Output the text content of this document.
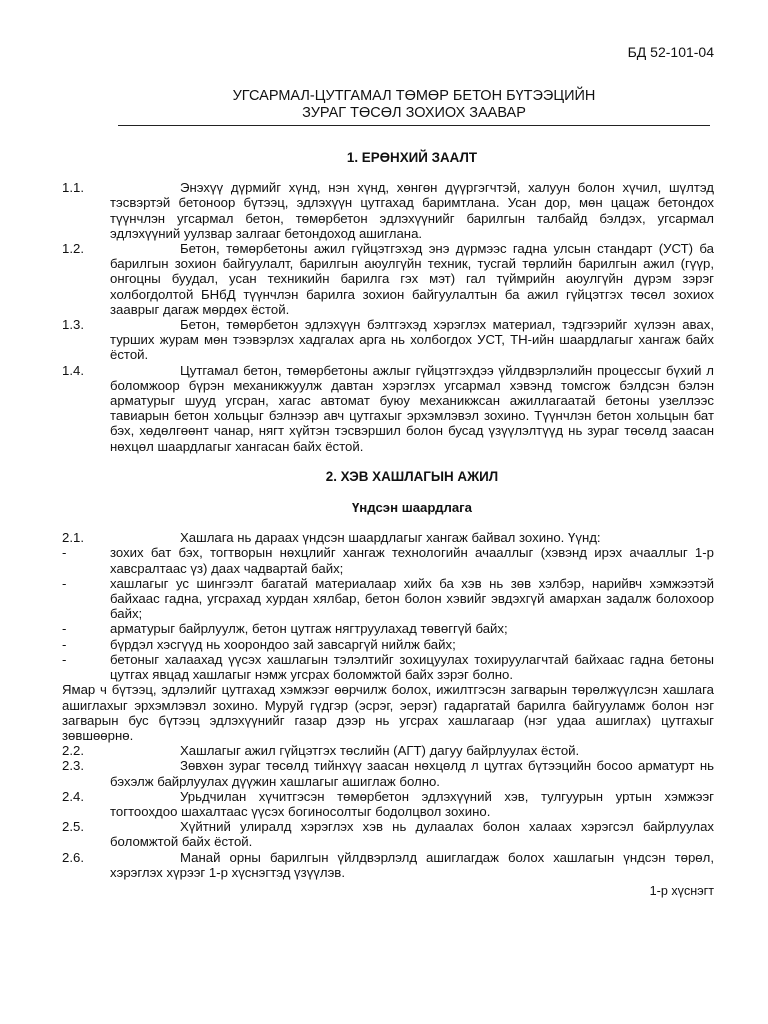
БД 52-101-04
УГСАРМАЛ-ЦУТГАМАЛ ТӨМӨР БЕТОН БҮТЭЭЦИЙН
ЗУРАГ ТӨСӨЛ ЗОХИОХ ЗААВАР
1. ЕРӨНХИЙ ЗААЛТ
1.1.	Энэхүү дүрмийг хүнд, нэн хүнд, хөнгөн дүүргэгчтэй, халуун болон хүчил, шүлтэд тэсвэртэй бетоноор бүтээц, эдлэхүүн цутгахад баримтлана. Усан дор, мөн цацаж бетондох түүнчлэн угсармал бетон, төмөрбетон эдлэхүүнийг барилгын талбайд бэлдэх, угсармал эдлэхүүний уулзвар залгааг бетондоход ашиглана.
1.2.	Бетон, төмөрбетоны ажил гүйцэтгэхэд энэ дүрмээс гадна улсын стандарт (УСТ) ба барилгын зохион байгуулалт, барилгын аюулгүйн техник, тусгай төрлийн барилгын ажил (гүүр, онгоцны буудал, усан техникийн барилга гэх мэт) гал түймрийн аюулгүйн дүрэм зэрэг холбогдолтой БНбД түүнчлэн барилга зохион байгуулалтын ба ажил гүйцэтгэх төсөл зохиох зааврыг дагаж мөрдөх ёстой.
1.3.	Бетон, төмөрбетон эдлэхүүн бэлтгэхэд хэрэглэх материал, тэдгээрийг хүлээн авах, турших журам мөн тээвэрлэх хадгалах арга нь холбогдох УСТ, ТН-ийн шаардлагыг хангаж байх ёстой.
1.4.	Цутгамал бетон, төмөрбетоны ажлыг гүйцэтгэхдээ үйлдвэрлэлийн процессыг бүхий л боломжоор бүрэн механикжуулж давтан хэрэглэх угсармал хэвэнд томсгож бэлдсэн бэлэн арматурыг шууд угсран, хагас автомат буюу механикжсан ажиллагаатай бетоны узеллээс тавиарын бетон хольцыг бэлнээр авч цутгахыг эрхэмлэвэл зохино. Түүнчлэн бетон хольцын бат бэх, хөдөлгөөнт чанар, нягт хүйтэн тэсвэршил болон бусад үзүүлэлтүүд нь зураг төсөлд заасан нөхцөл шаардлагыг хангасан байх ёстой.
2. ХЭВ ХАШЛАГЫН АЖИЛ
Үндсэн шаардлага
2.1.	Хашлага нь дараах үндсэн шаардлагыг хангаж байвал зохино. Үүнд:
-	зохих бат бэх, тогтворын нөхцлийг хангаж технологийн ачааллыг (хэвэнд ирэх ачааллыг 1-р хавсралтаас үз) даах чадвартай байх;
-	хашлагыг ус шингээлт багатай материалаар хийх ба хэв нь зөв хэлбэр, нарийвч хэмжээтэй байхаас гадна, угсрахад хурдан хялбар, бетон болон хэвийг эвдэхгүй амархан задалж болохоор байх;
-	арматурыг байрлуулж, бетон цутгаж нягтруулахад төвөггүй байх;
-	бүрдэл хэсгүүд нь хоорондоо зай завсаргүй нийлж байх;
-	бетоныг халаахад үүсэх хашлагын тэлэлтийг зохицуулах тохируулагчтай байхаас гадна бетоны цутгах явцад хашлагыг нэмж угсрах боломжтой байх зэрэг болно.
Ямар ч бүтээц, эдлэлийг цутгахад хэмжээг өөрчилж болох, ижилтгэсэн загварын төрөлжүүлсэн хашлага ашиглахыг эрхэмлэвэл зохино. Муруй гүдгэр (эсрэг, эерэг) гадаргатай барилга байгууламж болон нэг загварын бус бүтээц эдлэхүүнийг газар дээр нь угсрах хашлагаар (нэг удаа ашиглах) цутгахыг зөвшөөрнө.
2.2.	Хашлагыг ажил гүйцэтгэх төслийн (АГТ) дагуу байрлуулах ёстой.
2.3.	Зөвхөн зураг төсөлд тийнхүү заасан нөхцөлд л цутгах бүтээцийн босоо арматурт нь бэхэлж байрлуулах дүүжин хашлагыг ашиглаж болно.
2.4.	Урьдчилан хүчитгэсэн төмөрбетон эдлэхүүний хэв, тулгуурын уртын хэмжээг тогтоохдоо шахалтаас үүсэх богиносолтыг бодолцвол зохино.
2.5.	Хүйтний улиралд хэрэглэх хэв нь дулаалах болон халаах хэрэгсэл байрлуулах боломжтой байх ёстой.
2.6.	Манай орны барилгын үйлдвэрлэлд ашиглагдаж болох хашлагын үндсэн төрөл, хэрэглэх хүрээг 1-р хүснэгтэд үзүүлэв.
1-р хүснэгт
